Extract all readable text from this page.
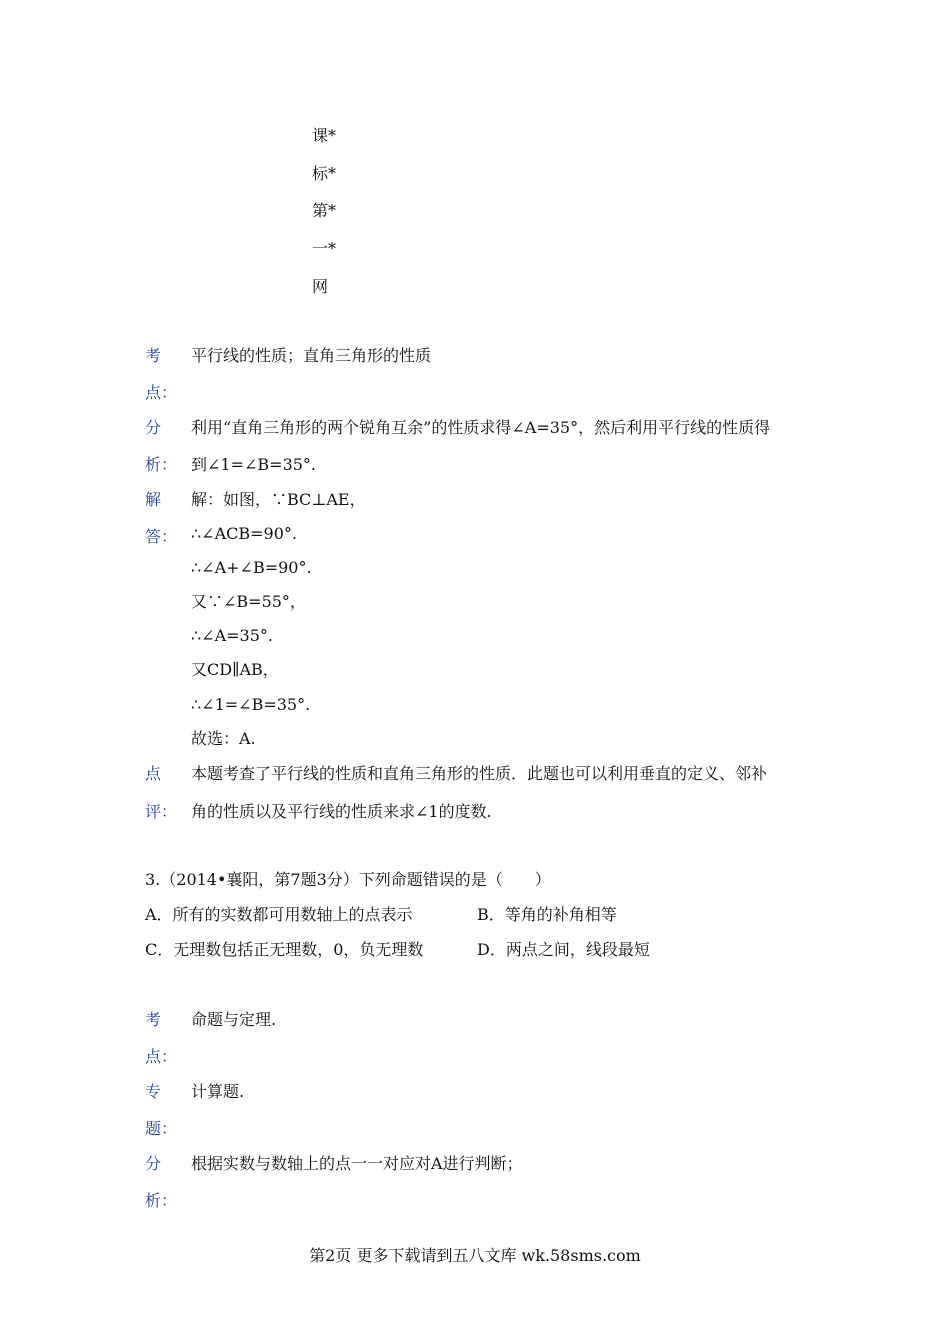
课*
标*
第*
一*
网
考
点：
平行线的性质；直角三角形的性质
分
析：
利用“直角三角形的两个锐角互余”的性质求得∠A=35°，然后利用平行线的性质得
到∠1=∠B=35°.
解
答：
解：如图，∵BC⊥AE，
∴∠ACB=90°.
∴∠A+∠B=90°.
又∵∠B=55°，
∴∠A=35°.
又CD∥AB，
∴∠1=∠B=35°.
故选：A.
点
评：
本题考查了平行线的性质和直角三角形的性质．此题也可以利用垂直的定义、邻补
角的性质以及平行线的性质来求∠1的度数.
3.（2014•襄阳，第7题3分）下列命题错误的是（　　）
A．所有的实数都可用数轴上的点表示	B．等角的补角相等
C．无理数包括正无理数，0，负无理数	D．两点之间，线段最短
考
点：
命题与定理.
专
题：
计算题.
分
析：
根据实数与数轴上的点一一对应对A进行判断；
第2页 更多下载请到五八文库 wk.58sms.com
